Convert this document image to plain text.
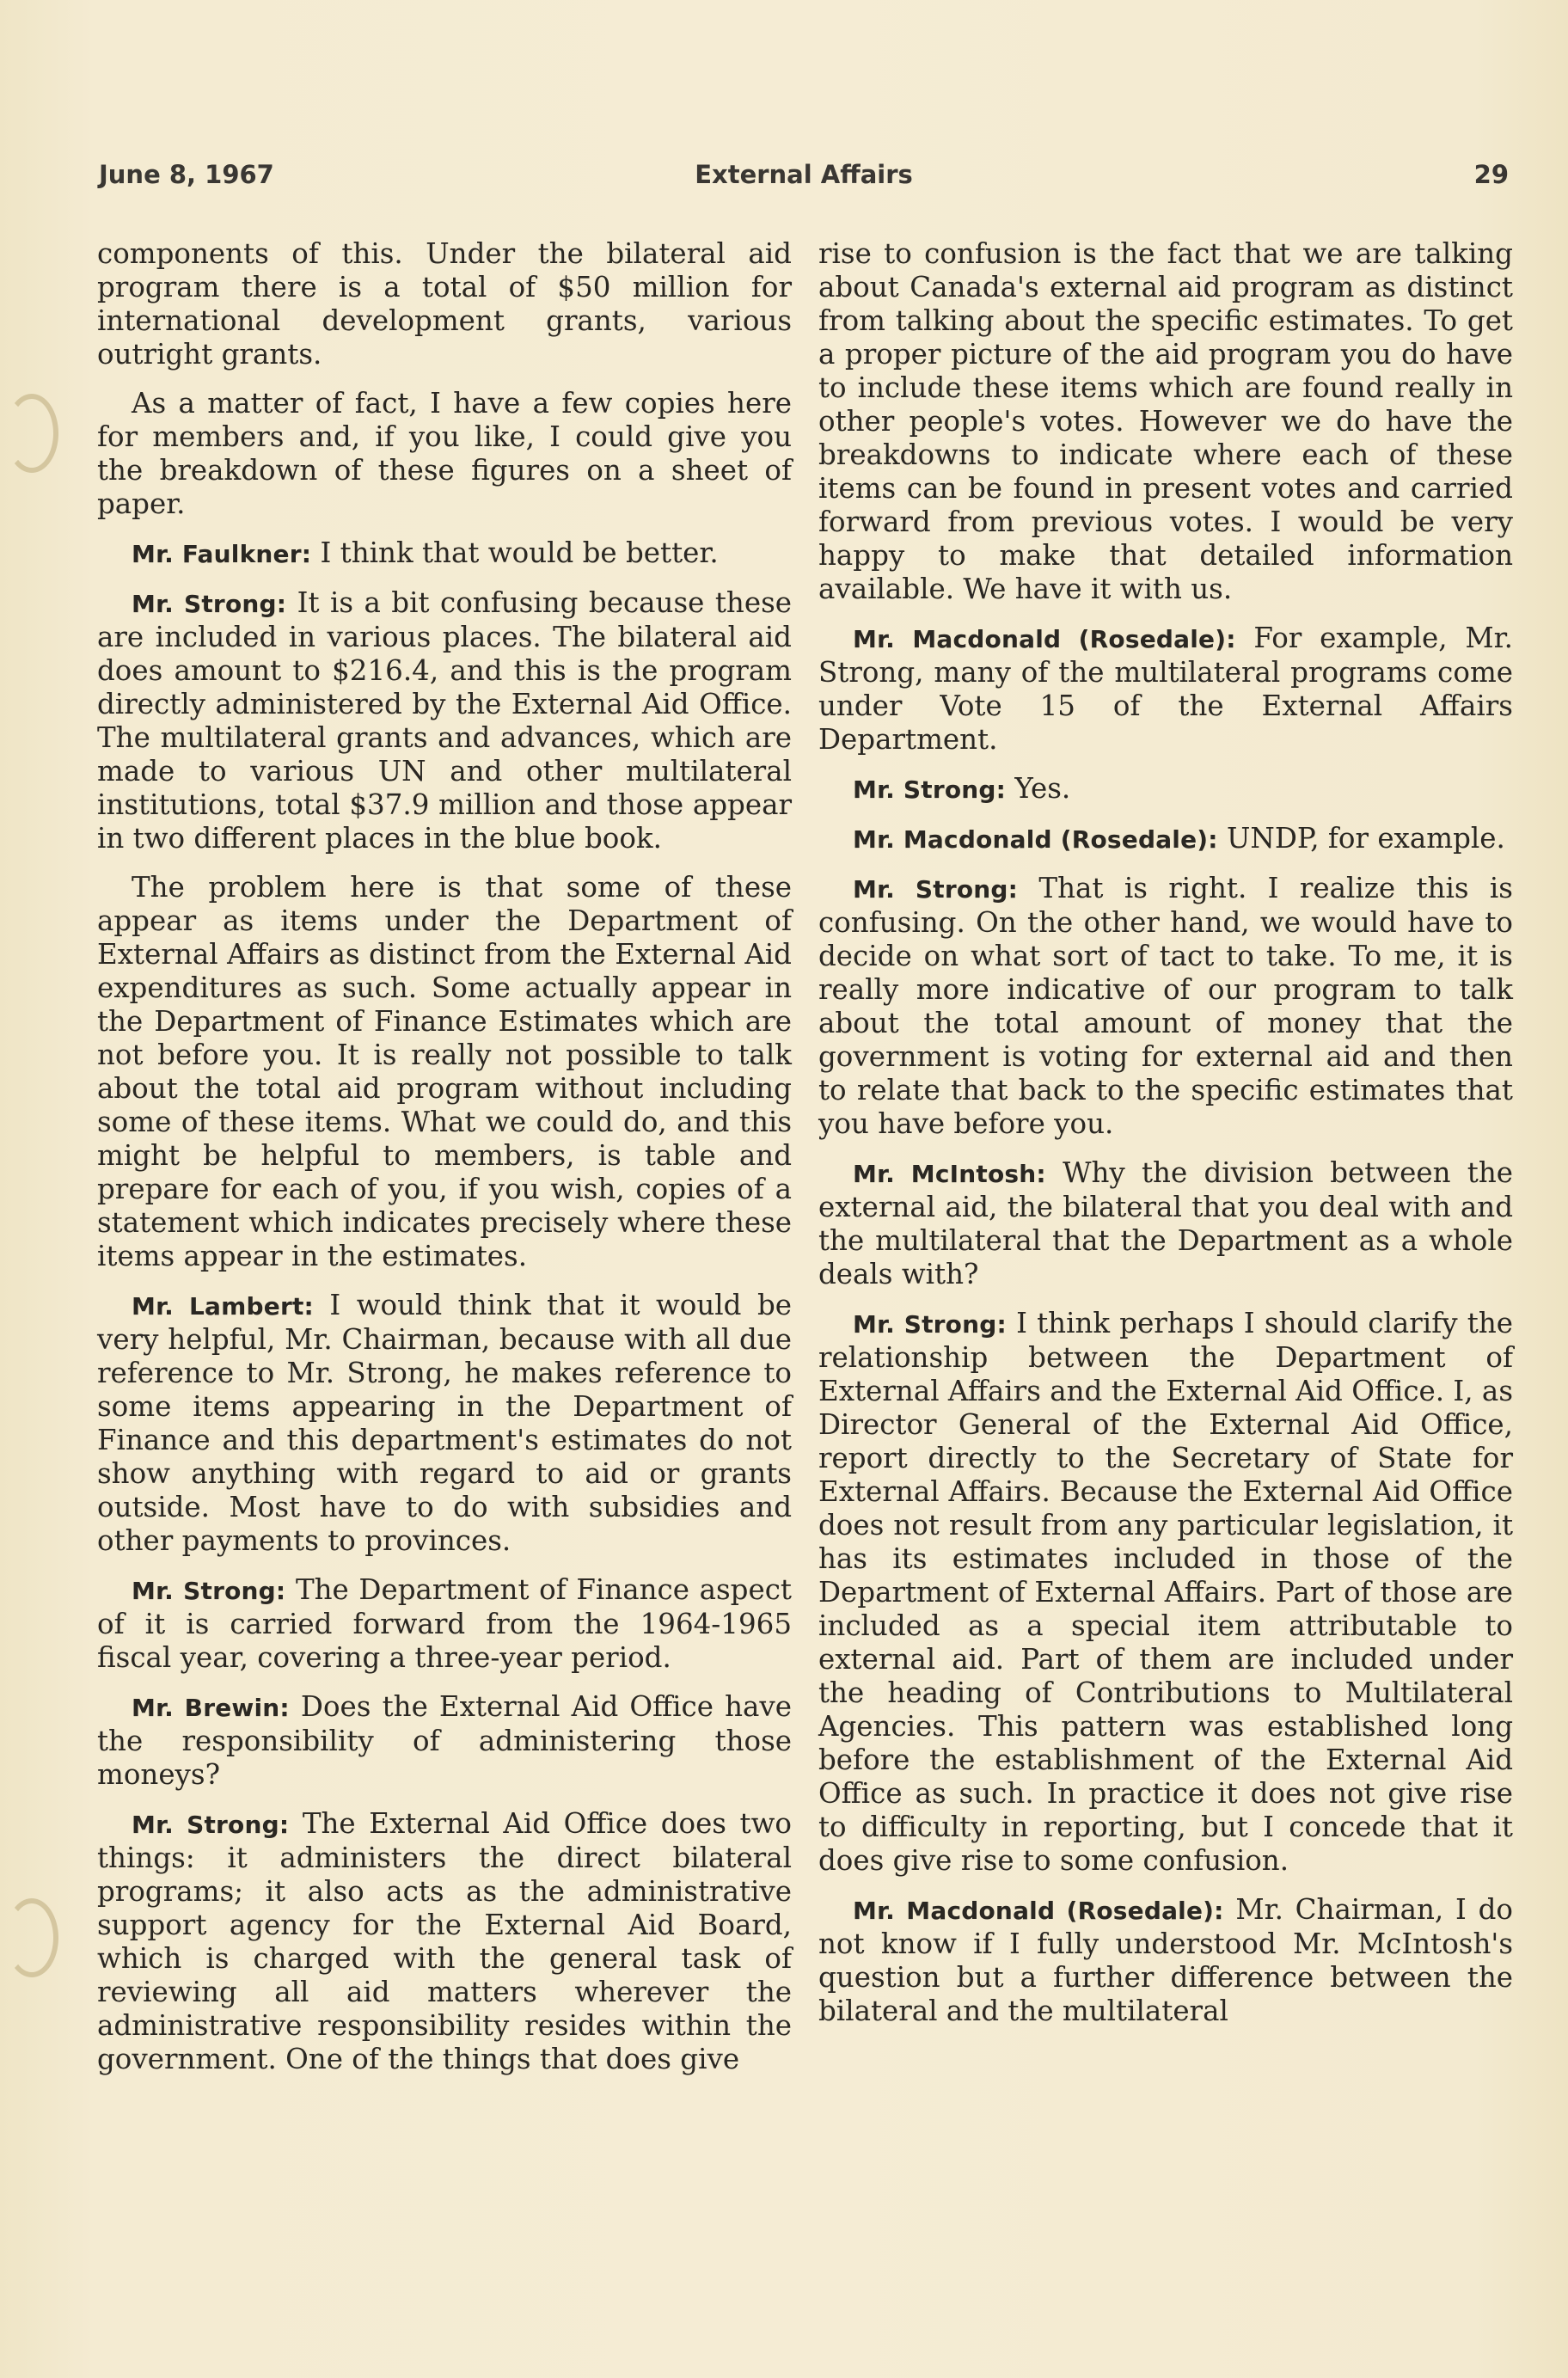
June 8, 1967	External Affairs	29

components of this. Under the bilateral aid program there is a total of $50 million for international development grants, various outright grants.

As a matter of fact, I have a few copies here for members and, if you like, I could give you the breakdown of these figures on a sheet of paper.

Mr. Faulkner: I think that would be better.

Mr. Strong: It is a bit confusing because these are included in various places. The bilateral aid does amount to $216.4, and this is the program directly administered by the External Aid Office. The multilateral grants and advances, which are made to various UN and other multilateral institutions, total $37.9 million and those appear in two different places in the blue book.

The problem here is that some of these appear as items under the Department of External Affairs as distinct from the External Aid expenditures as such. Some actually appear in the Department of Finance Estimates which are not before you. It is really not possible to talk about the total aid program without including some of these items. What we could do, and this might be helpful to members, is table and prepare for each of you, if you wish, copies of a statement which indicates precisely where these items appear in the estimates.

Mr. Lambert: I would think that it would be very helpful, Mr. Chairman, because with all due reference to Mr. Strong, he makes reference to some items appearing in the Department of Finance and this department's estimates do not show anything with regard to aid or grants outside. Most have to do with subsidies and other payments to provinces.

Mr. Strong: The Department of Finance aspect of it is carried forward from the 1964-1965 fiscal year, covering a three-year period.

Mr. Brewin: Does the External Aid Office have the responsibility of administering those moneys?

Mr. Strong: The External Aid Office does two things: it administers the direct bilateral programs; it also acts as the administrative support agency for the External Aid Board, which is charged with the general task of reviewing all aid matters wherever the administrative responsibility resides within the government. One of the things that does give

rise to confusion is the fact that we are talking about Canada's external aid program as distinct from talking about the specific estimates. To get a proper picture of the aid program you do have to include these items which are found really in other people's votes. However we do have the breakdowns to indicate where each of these items can be found in present votes and carried forward from previous votes. I would be very happy to make that detailed information available. We have it with us.

Mr. Macdonald (Rosedale): For example, Mr. Strong, many of the multilateral programs come under Vote 15 of the External Affairs Department.

Mr. Strong: Yes.

Mr. Macdonald (Rosedale): UNDP, for example.

Mr. Strong: That is right. I realize this is confusing. On the other hand, we would have to decide on what sort of tact to take. To me, it is really more indicative of our program to talk about the total amount of money that the government is voting for external aid and then to relate that back to the specific estimates that you have before you.

Mr. McIntosh: Why the division between the external aid, the bilateral that you deal with and the multilateral that the Department as a whole deals with?

Mr. Strong: I think perhaps I should clarify the relationship between the Department of External Affairs and the External Aid Office. I, as Director General of the External Aid Office, report directly to the Secretary of State for External Affairs. Because the External Aid Office does not result from any particular legislation, it has its estimates included in those of the Department of External Affairs. Part of those are included as a special item attributable to external aid. Part of them are included under the heading of Contributions to Multilateral Agencies. This pattern was established long before the establishment of the External Aid Office as such. In practice it does not give rise to difficulty in reporting, but I concede that it does give rise to some confusion.

Mr. Macdonald (Rosedale): Mr. Chairman, I do not know if I fully understood Mr. McIntosh's question but a further difference between the bilateral and the multilateral
